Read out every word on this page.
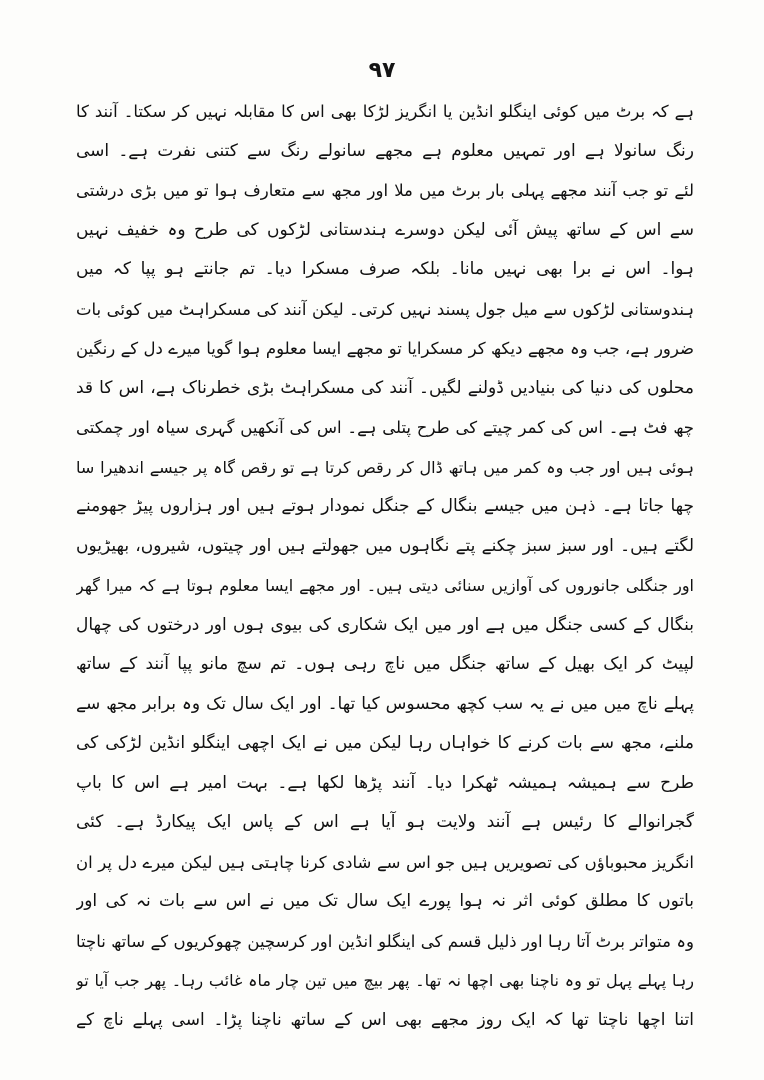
۹۷
ہے کہ برٹ میں کوئی اینگلو انڈین یا انگریز لڑکا بھی اس کا مقابلہ نہیں کر سکتا۔ آنند کا
رنگ سانولا ہے اور تمہیں معلوم ہے مجھے سانولے رنگ سے کتنی نفرت ہے۔ اسی
لئے تو جب آنند مجھے پہلی بار برٹ میں ملا اور مجھ سے متعارف ہوا تو میں بڑی درشتی
سے اس کے ساتھ پیش آئی لیکن دوسرے ہندستانی لڑکوں کی طرح وہ خفیف نہیں
ہوا۔ اس نے برا بھی نہیں مانا۔ بلکہ صرف مسکرا دیا۔ تم جانتے ہو پپا کہ میں
ہندوستانی لڑکوں سے میل جول پسند نہیں کرتی۔ لیکن آنند کی مسکراہٹ میں کوئی بات
ضرور ہے، جب وہ مجھے دیکھ کر مسکرایا تو مجھے ایسا معلوم ہوا گویا میرے دل کے رنگین
محلوں کی دنیا کی بنیادیں ڈولنے لگیں۔ آنند کی مسکراہٹ بڑی خطرناک ہے، اس کا قد
چھ فٹ ہے۔ اس کی کمر چیتے کی طرح پتلی ہے۔ اس کی آنکھیں گہری سیاہ اور چمکتی
ہوئی ہیں اور جب وہ کمر میں ہاتھ ڈال کر رقص کرتا ہے تو رقص گاہ پر جیسے اندھیرا سا
چھا جاتا ہے۔ ذہن میں جیسے بنگال کے جنگل نمودار ہوتے ہیں اور ہزاروں پیڑ جھومنے
لگتے ہیں۔ اور سبز سبز چکنے پتے نگاہوں میں جھولتے ہیں اور چیتوں، شیروں، بھیڑیوں
اور جنگلی جانوروں کی آوازیں سنائی دیتی ہیں۔ اور مجھے ایسا معلوم ہوتا ہے کہ میرا گھر
بنگال کے کسی جنگل میں ہے اور میں ایک شکاری کی بیوی ہوں اور درختوں کی چھال
لپیٹ کر ایک بھیل کے ساتھ جنگل میں ناچ رہی ہوں۔ تم سچ مانو پپا آنند کے ساتھ
پہلے ناچ میں میں نے یہ سب کچھ محسوس کیا تھا۔ اور ایک سال تک وہ برابر مجھ سے
ملنے، مجھ سے بات کرنے کا خواہاں رہا لیکن میں نے ایک اچھی اینگلو انڈین لڑکی کی
طرح سے ہمیشہ ہمیشہ ٹھکرا دیا۔ آنند پڑھا لکھا ہے۔ بہت امیر ہے اس کا باپ
گجرانوالے کا رئیس ہے آنند ولایت ہو آیا ہے اس کے پاس ایک پیکارڈ ہے۔ کئی
انگریز محبوباؤں کی تصویریں ہیں جو اس سے شادی کرنا چاہتی ہیں لیکن میرے دل پر ان
باتوں کا مطلق کوئی اثر نہ ہوا پورے ایک سال تک میں نے اس سے بات نہ کی اور
وہ متواتر برٹ آتا رہا اور ذلیل قسم کی اینگلو انڈین اور کرسچین چھوکریوں کے ساتھ ناچتا
رہا پہلے پہل تو وہ ناچنا بھی اچھا نہ تھا۔ پھر بیچ میں تین چار ماہ غائب رہا۔ پھر جب آیا تو
اتنا اچھا ناچتا تھا کہ ایک روز مجھے بھی اس کے ساتھ ناچنا پڑا۔ اسی پہلے ناچ کے
